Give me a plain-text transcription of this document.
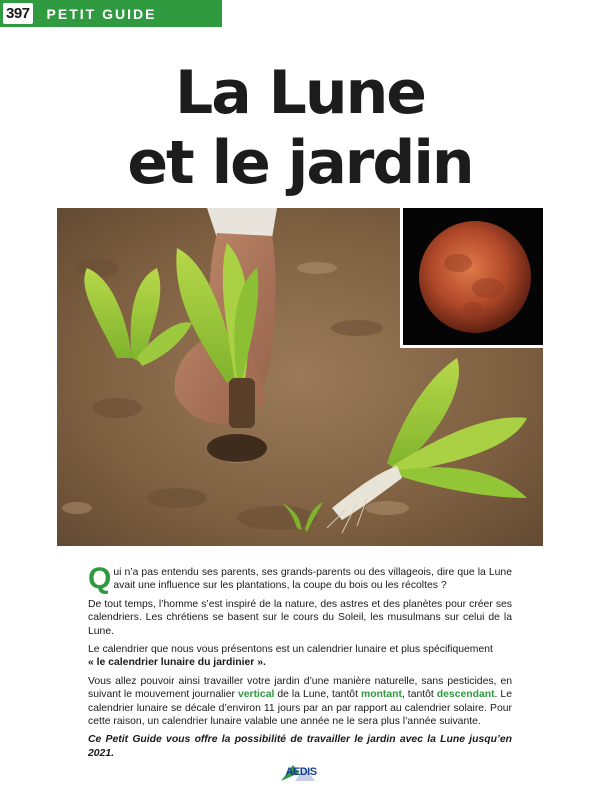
397 PETIT GUIDE
La Lune
et le jardin

Qui n’a pas entendu ses parents, ses grands-parents ou des villageois, dire que la Lune avait une influence sur les plantations, la coupe du bois ou les récoltes ?

De tout temps, l’homme s’est inspiré de la nature, des astres et des planètes pour créer ses calendriers. Les chrétiens se basent sur le cours du Soleil, les musulmans sur celui de la Lune.

Le calendrier que nous vous présentons est un calendrier lunaire et plus spécifiquement
« le calendrier lunaire du jardinier ».

Vous allez pouvoir ainsi travailler votre jardin d’une manière naturelle, sans pesticides, en suivant le mouvement journalier vertical de la Lune, tantôt montant, tantôt descendant. Le calendrier lunaire se décale d’environ 11 jours par an par rapport au calendrier solaire. Pour cette raison, un calendrier lunaire valable une année ne le sera plus l’année suivante.

Ce Petit Guide vous offre la possibilité de travailler le jardin avec la Lune jusqu’en 2021.

AEDIS
